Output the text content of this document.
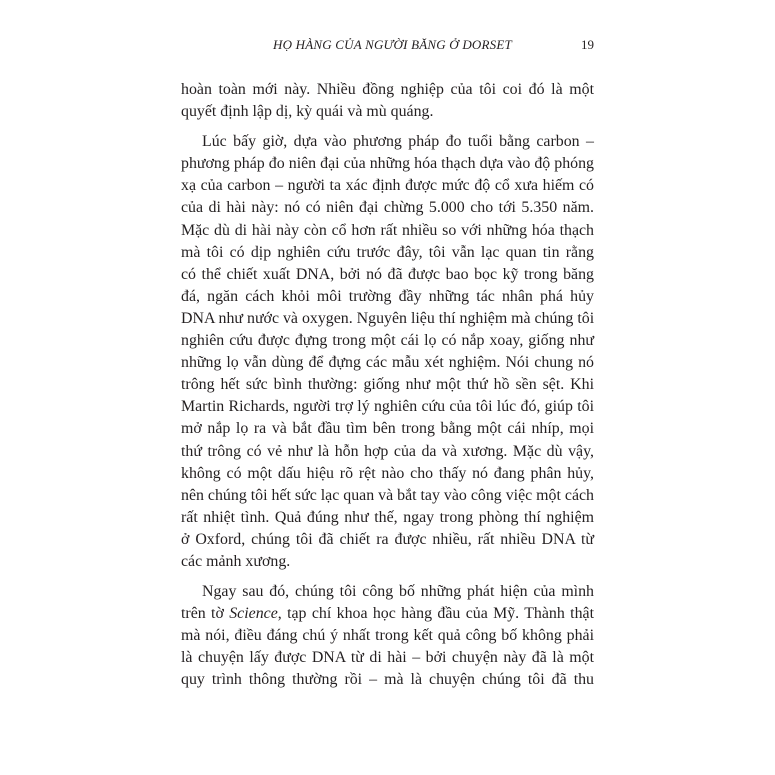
HỌ HÀNG CỦA NGƯỜI BĂNG Ở DORSET	19

hoàn toàn mới này. Nhiều đồng nghiệp của tôi coi đó là một
quyết định lập dị, kỳ quái và mù quáng.

Lúc bấy giờ, dựa vào phương pháp đo tuổi bằng carbon –
phương pháp đo niên đại của những hóa thạch dựa vào độ phóng
xạ của carbon – người ta xác định được mức độ cổ xưa hiếm có
của di hài này: nó có niên đại chừng 5.000 cho tới 5.350 năm.
Mặc dù di hài này còn cổ hơn rất nhiều so với những hóa thạch
mà tôi có dịp nghiên cứu trước đây, tôi vẫn lạc quan tin rằng
có thể chiết xuất DNA, bởi nó đã được bao bọc kỹ trong băng
đá, ngăn cách khỏi môi trường đầy những tác nhân phá hủy
DNA như nước và oxygen. Nguyên liệu thí nghiệm mà chúng tôi
nghiên cứu được đựng trong một cái lọ có nắp xoay, giống như
những lọ vẫn dùng để đựng các mẫu xét nghiệm. Nói chung nó
trông hết sức bình thường: giống như một thứ hồ sền sệt. Khi
Martin Richards, người trợ lý nghiên cứu của tôi lúc đó, giúp tôi
mở nắp lọ ra và bắt đầu tìm bên trong bằng một cái nhíp, mọi
thứ trông có vẻ như là hỗn hợp của da và xương. Mặc dù vậy,
không có một dấu hiệu rõ rệt nào cho thấy nó đang phân hủy,
nên chúng tôi hết sức lạc quan và bắt tay vào công việc một cách
rất nhiệt tình. Quả đúng như thế, ngay trong phòng thí nghiệm
ở Oxford, chúng tôi đã chiết ra được nhiều, rất nhiều DNA từ
các mảnh xương.

Ngay sau đó, chúng tôi công bố những phát hiện của mình
trên tờ Science, tạp chí khoa học hàng đầu của Mỹ. Thành thật
mà nói, điều đáng chú ý nhất trong kết quả công bố không phải
là chuyện lấy được DNA từ di hài – bởi chuyện này đã là một
quy trình thông thường rồi – mà là chuyện chúng tôi đã thu
